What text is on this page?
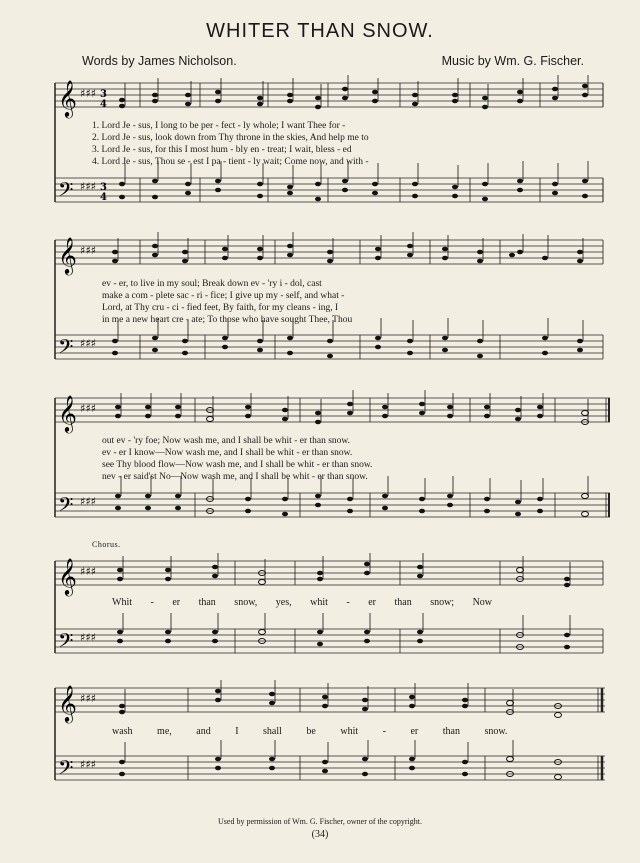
WHITER THAN SNOW.
Words by James Nicholson.	Music by Wm. G. Fischer.
𝄞
𝄢
♯♯♯ 3
4
♯♯♯ 3
4
1. Lord Je - sus, I long to be per - fect - ly whole; I want Thee for -
2. Lord Je - sus, look down from Thy throne in the skies, And help me to
3. Lord Je - sus, for this I most hum - bly en - treat; I wait, bless - ed
4. Lord Je - sus, Thou se - est I pa - tient - ly wait; Come now, and with -
𝄞
𝄢
♯♯♯
♯♯♯
ev - er, to live in my soul; Break down ev - 'ry i - dol, cast
make a com - plete sac - ri - fice; I give up my - self, and what -
Lord, at Thy cru - ci - fied feet, By faith, for my cleans - ing, I
in me a new heart cre - ate; To those who have sought Thee, Thou
𝄞
𝄢
♯♯♯
♯♯♯
out ev - 'ry foe; Now wash me, and I shall be whit - er than snow.
ev - er I know—Now wash me, and I shall be whit - er than snow.
see Thy blood flow—Now wash me, and I shall be whit - er than snow.
nev - er said'st No—Now wash me, and I shall be whit - er than snow.
Chorus.
𝄞
𝄢
♯♯♯
♯♯♯
Whit - er than snow, yes, whit - er than snow; Now
𝄞
𝄢
♯♯♯
♯♯♯
wash me, and I shall be whit - er than snow.
Used by permission of Wm. G. Fischer, owner of the copyright.
(34)
